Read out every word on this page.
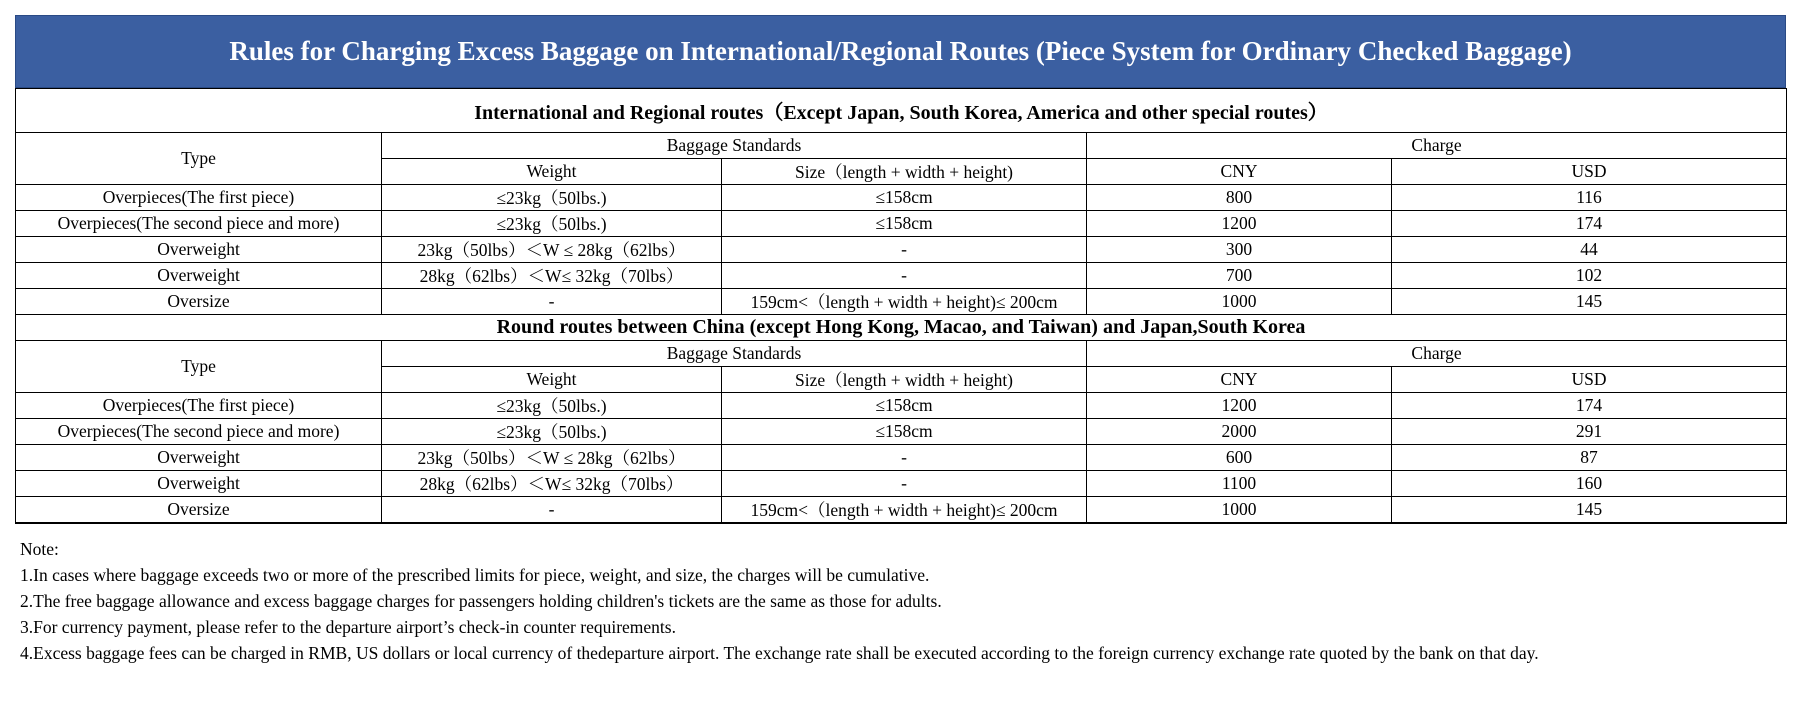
Rules for Charging Excess Baggage on International/Regional Routes (Piece System for Ordinary Checked Baggage)
International and Regional routes（Except Japan, South Korea, America and other special routes）				
Type	Baggage Standards		Charge	
	Weight	Size（length + width + height)	CNY	USD
Overpieces(The first piece)	≤23kg（50lbs.)	≤158cm	800	116
Overpieces(The second piece and more)	≤23kg（50lbs.)	≤158cm	1200	174
Overweight	23kg（50lbs）＜W ≤ 28kg（62lbs）	-	300	44
Overweight	28kg（62lbs）＜W≤ 32kg（70lbs）	-	700	102
Oversize	-	159cm<（length + width + height)≤ 200cm	1000	145
Round routes between China (except Hong Kong, Macao, and Taiwan) and Japan,South Korea				
Type	Baggage Standards		Charge	
	Weight	Size（length + width + height)	CNY	USD
Overpieces(The first piece)	≤23kg（50lbs.)	≤158cm	1200	174
Overpieces(The second piece and more)	≤23kg（50lbs.)	≤158cm	2000	291
Overweight	23kg（50lbs）＜W ≤ 28kg（62lbs）	-	600	87
Overweight	28kg（62lbs）＜W≤ 32kg（70lbs）	-	1100	160
Oversize	-	159cm<（length + width + height)≤ 200cm	1000	145
Note:
1.In cases where baggage exceeds two or more of the prescribed limits for piece, weight, and size, the charges will be cumulative.
2.The free baggage allowance and excess baggage charges for passengers holding children's tickets are the same as those for adults.
3.For currency payment, please refer to the departure airport’s check-in counter requirements.
4.Excess baggage fees can be charged in RMB, US dollars or local currency of thedeparture airport. The exchange rate shall be executed according to the foreign currency exchange rate quoted by the bank on that day.
